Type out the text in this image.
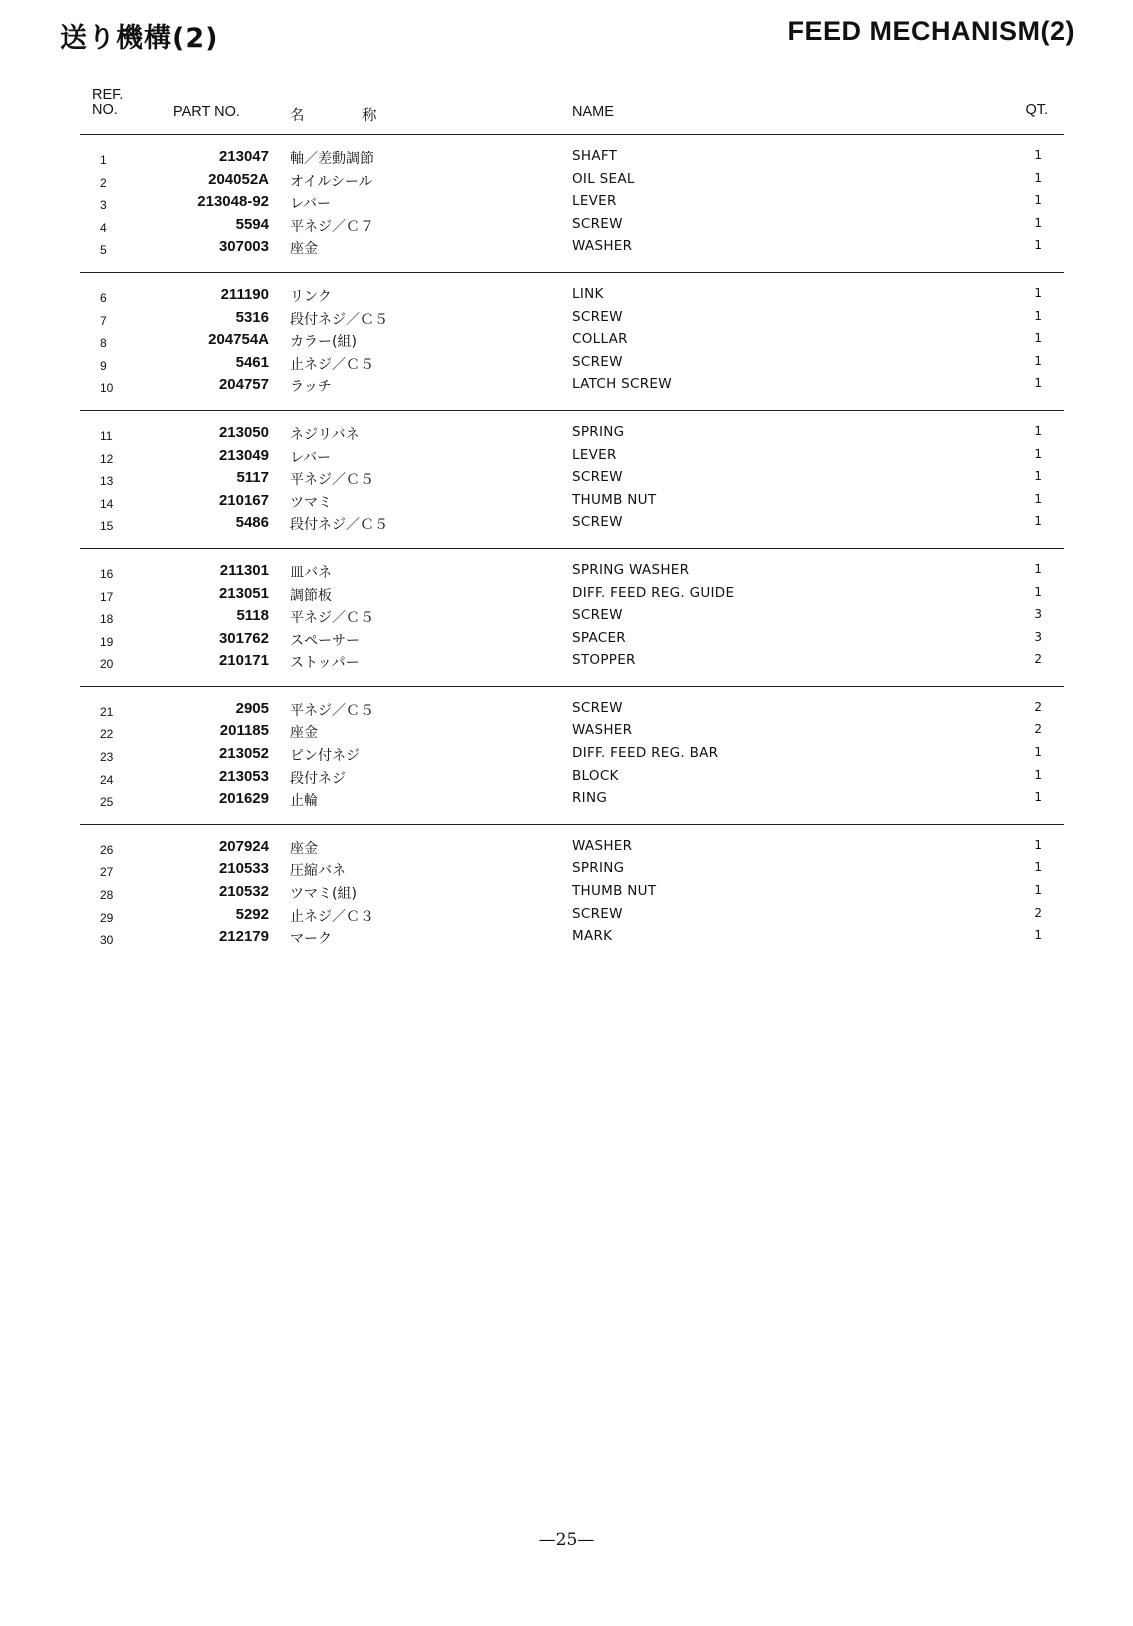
送り機構(2)	FEED MECHANISM(2)
REF.
NO.	PART NO.	名	称	NAME	QT.
1	213047 軸／差動調節	SHAFT	1
2	204052A オイルシール	OIL SEAL	1
3	213048-92 レバー	LEVER	1
4	5594 平ネジ／Ｃ７	SCREW	1
5	307003 座金	WASHER	1
6	211190 リンク	LINK	1
7	5316 段付ネジ／Ｃ５	SCREW	1
8	204754A カラー(組)	COLLAR	1
9	5461 止ネジ／Ｃ５	SCREW	1
10	204757 ラッチ	LATCH SCREW	1
11	213050 ネジリバネ	SPRING	1
12	213049 レバー	LEVER	1
13	5117 平ネジ／Ｃ５	SCREW	1
14	210167 ツマミ	THUMB NUT	1
15	5486 段付ネジ／Ｃ５	SCREW	1
16	211301 皿バネ	SPRING WASHER	1
17	213051 調節板	DIFF. FEED REG. GUIDE	1
18	5118 平ネジ／Ｃ５	SCREW	3
19	301762 スペーサー	SPACER	3
20	210171 ストッパー	STOPPER	2
21	2905 平ネジ／Ｃ５	SCREW	2
22	201185 座金	WASHER	2
23	213052 ピン付ネジ	DIFF. FEED REG. BAR	1
24	213053 段付ネジ	BLOCK	1
25	201629 止輪	RING	1
26	207924 座金	WASHER	1
27	210533 圧縮バネ	SPRING	1
28	210532 ツマミ(組)	THUMB NUT	1
29	5292 止ネジ／Ｃ３	SCREW	2
30	212179 マーク	MARK	1
—25—
